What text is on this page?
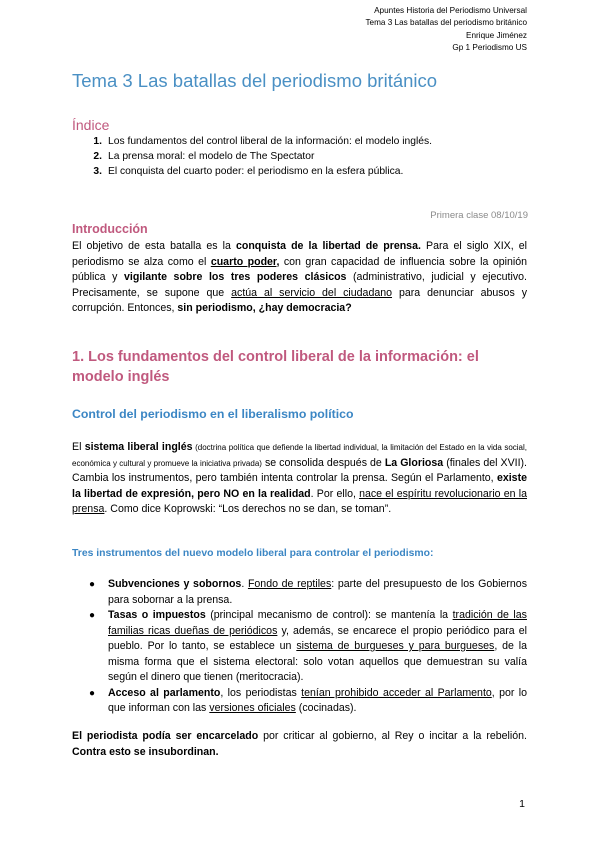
Apuntes Historia del Periodismo Universal
Tema 3 Las batallas del periodismo británico
Enrique Jiménez
Gp 1 Periodismo US
Tema 3 Las batallas del periodismo británico
Índice
1. Los fundamentos del control liberal de la información: el modelo inglés.
2. La prensa moral: el modelo de The Spectator
3. El conquista del cuarto poder: el periodismo en la esfera pública.
Primera clase 08/10/19
Introducción

El objetivo de esta batalla es la conquista de la libertad de prensa. Para el siglo XIX, el periodismo se alza como el cuarto poder, con gran capacidad de influencia sobre la opinión pública y vigilante sobre los tres poderes clásicos (administrativo, judicial y ejecutivo. Precisamente, se supone que actúa al servicio del ciudadano para denunciar abusos y corrupción. Entonces, sin periodismo, ¿hay democracia?

1. Los fundamentos del control liberal de la información: el modelo inglés
Control del periodismo en el liberalismo político

El sistema liberal inglés (doctrina política que defiende la libertad individual, la limitación del Estado en la vida social, económica y cultural y promueve la iniciativa privada) se consolida después de La Gloriosa (finales del XVII). Cambia los instrumentos, pero también intenta controlar la prensa. Según el Parlamento, existe la libertad de expresión, pero NO en la realidad. Por ello, nace el espíritu revolucionario en la prensa. Como dice Koprowski: “Los derechos no se dan, se toman”.

Tres instrumentos del nuevo modelo liberal para controlar el periodismo:
● Subvenciones y sobornos. Fondo de reptiles: parte del presupuesto de los Gobiernos para sobornar a la prensa.
● Tasas o impuestos (principal mecanismo de control): se mantenía la tradición de las familias ricas dueñas de periódicos y, además, se encarece el propio periódico para el pueblo. Por lo tanto, se establece un sistema de burgueses y para burgueses, de la misma forma que el sistema electoral: solo votan aquellos que demuestran su valía según el dinero que tienen (meritocracia).
● Acceso al parlamento, los periodistas tenían prohibido acceder al Parlamento, por lo que informan con las versiones oficiales (cocinadas).

El periodista podía ser encarcelado por criticar al gobierno, al Rey o incitar a la rebelión. Contra esto se insubordinan.

1
